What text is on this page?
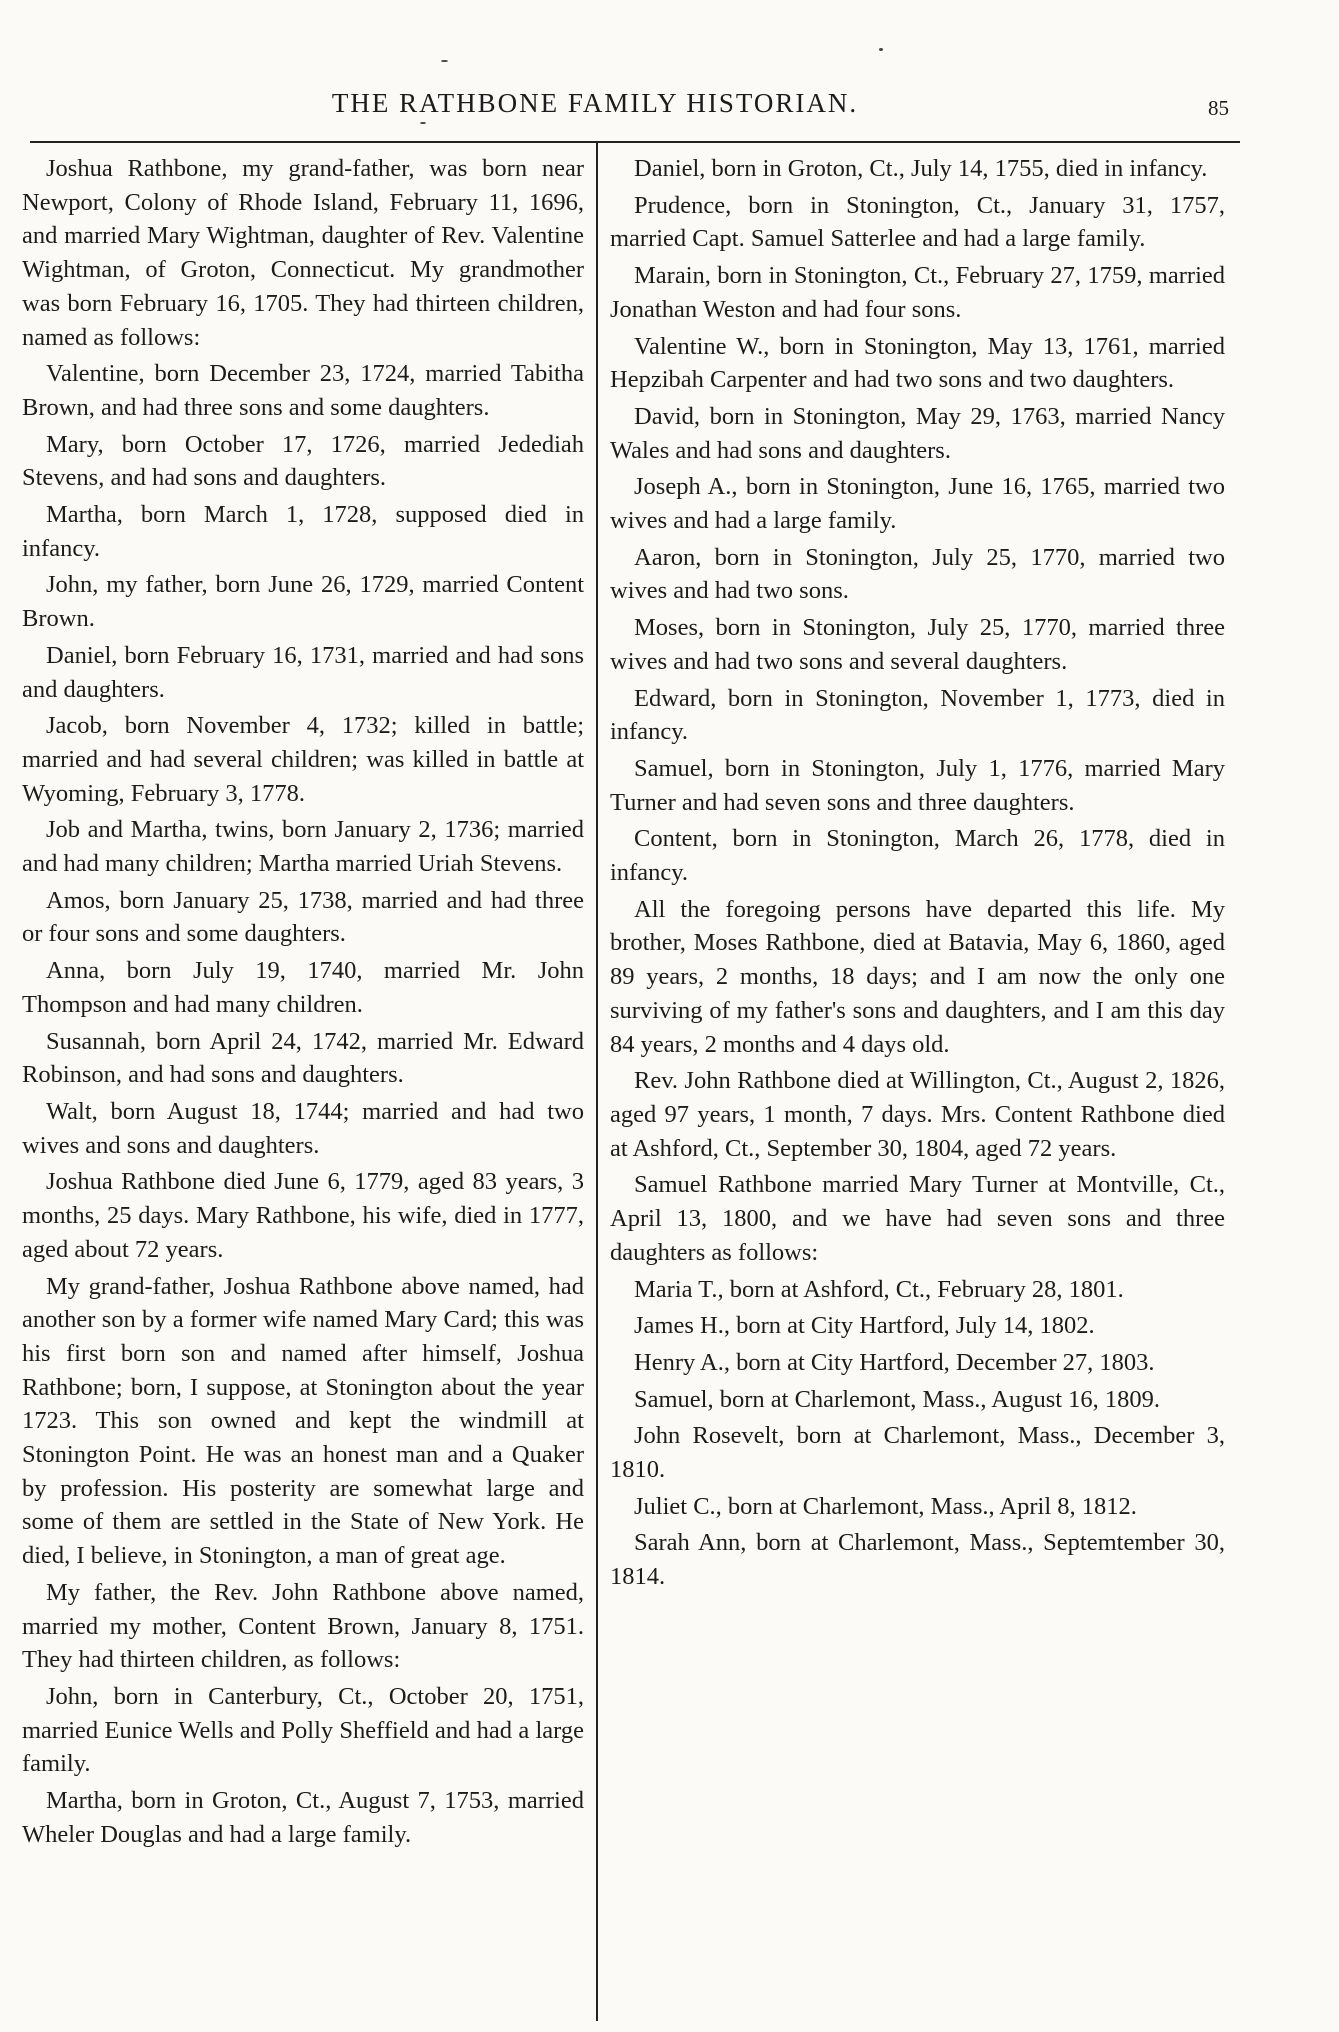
THE RATHBONE FAMILY HISTORIAN.	85

Joshua Rathbone, my grand-father, was born near Newport, Colony of Rhode Island, February 11, 1696, and married Mary Wightman, daughter of Rev. Valentine Wightman, of Groton, Connecticut. My grandmother was born February 16, 1705. They had thirteen children, named as follows:

Valentine, born December 23, 1724, married Tabitha Brown, and had three sons and some daughters.

Mary, born October 17, 1726, married Jedediah Stevens, and had sons and daughters.

Martha, born March 1, 1728, supposed died in infancy.

John, my father, born June 26, 1729, married Content Brown.

Daniel, born February 16, 1731, married and had sons and daughters.

Jacob, born November 4, 1732; killed in battle; married and had several children; was killed in battle at Wyoming, February 3, 1778.

Job and Martha, twins, born January 2, 1736; married and had many children; Martha married Uriah Stevens.

Amos, born January 25, 1738, married and had three or four sons and some daughters.

Anna, born July 19, 1740, married Mr. John Thompson and had many children.

Susannah, born April 24, 1742, married Mr. Edward Robinson, and had sons and daughters.

Walt, born August 18, 1744; married and had two wives and sons and daughters.

Joshua Rathbone died June 6, 1779, aged 83 years, 3 months, 25 days. Mary Rathbone, his wife, died in 1777, aged about 72 years.

My grand-father, Joshua Rathbone above named, had another son by a former wife named Mary Card; this was his first born son and named after himself, Joshua Rathbone; born, I suppose, at Stonington about the year 1723. This son owned and kept the windmill at Stonington Point. He was an honest man and a Quaker by profession. His posterity are somewhat large and some of them are settled in the State of New York. He died, I believe, in Stonington, a man of great age.

My father, the Rev. John Rathbone above named, married my mother, Content Brown, January 8, 1751. They had thirteen children, as follows:

John, born in Canterbury, Ct., October 20, 1751, married Eunice Wells and Polly Sheffield and had a large family.

Martha, born in Groton, Ct., August 7, 1753, married Wheler Douglas and had a large family.

Daniel, born in Groton, Ct., July 14, 1755, died in infancy.

Prudence, born in Stonington, Ct., January 31, 1757, married Capt. Samuel Satterlee and had a large family.

Marain, born in Stonington, Ct., February 27, 1759, married Jonathan Weston and had four sons.

Valentine W., born in Stonington, May 13, 1761, married Hepzibah Carpenter and had two sons and two daughters.

David, born in Stonington, May 29, 1763, married Nancy Wales and had sons and daughters.

Joseph A., born in Stonington, June 16, 1765, married two wives and had a large family.

Aaron, born in Stonington, July 25, 1770, married two wives and had two sons.

Moses, born in Stonington, July 25, 1770, married three wives and had two sons and several daughters.

Edward, born in Stonington, November 1, 1773, died in infancy.

Samuel, born in Stonington, July 1, 1776, married Mary Turner and had seven sons and three daughters.

Content, born in Stonington, March 26, 1778, died in infancy.

All the foregoing persons have departed this life. My brother, Moses Rathbone, died at Batavia, May 6, 1860, aged 89 years, 2 months, 18 days; and I am now the only one surviving of my father's sons and daughters, and I am this day 84 years, 2 months and 4 days old.

Rev. John Rathbone died at Willington, Ct., August 2, 1826, aged 97 years, 1 month, 7 days. Mrs. Content Rathbone died at Ashford, Ct., September 30, 1804, aged 72 years.

Samuel Rathbone married Mary Turner at Montville, Ct., April 13, 1800, and we have had seven sons and three daughters as follows:

Maria T., born at Ashford, Ct., February 28, 1801.

James H., born at City Hartford, July 14, 1802.

Henry A., born at City Hartford, December 27, 1803.

Samuel, born at Charlemont, Mass., August 16, 1809.

John Rosevelt, born at Charlemont, Mass., December 3, 1810.

Juliet C., born at Charlemont, Mass., April 8, 1812.

Sarah Ann, born at Charlemont, Mass., Septemtember 30, 1814.
